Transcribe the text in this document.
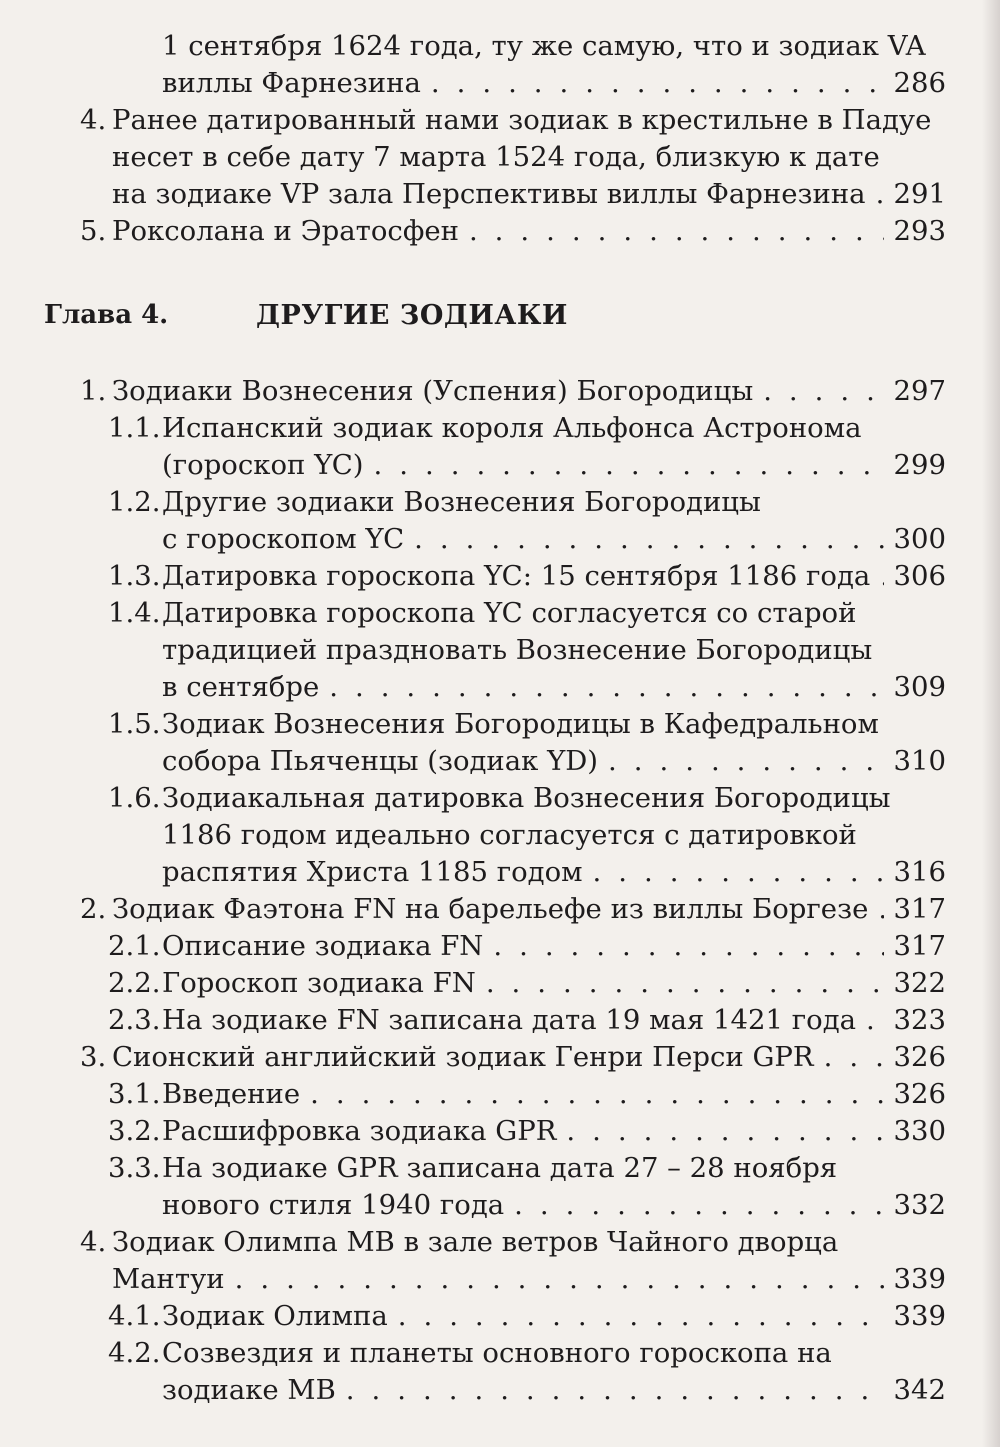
1 сентября 1624 года, ту же самую, что и зодиак VA
виллы Фарнезина . . .	286
4. Ранее датированный нами зодиак в крестильне в Падуе
несет в себе дату 7 марта 1524 года, близкую к дате
на зодиаке VP зала Перспективы виллы Фарнезина . . . 291
5. Роксолана и Эратосфен . . .	293
Глава 4.	ДРУГИЕ ЗОДИАКИ
1. Зодиаки Вознесения (Успения) Богородицы . . .	297
1.1. Испанский зодиак короля Альфонса Астронома
(гороскоп YC) . . .	299
1.2. Другие зодиаки Вознесения Богородицы
с гороскопом YC . . .	300
1.3. Датировка гороскопа YC: 15 сентября 1186 года . . . 306
1.4. Датировка гороскопа YC согласуется со старой
традицией праздновать Вознесение Богородицы
в сентябре . . .	309
1.5. Зодиак Вознесения Богородицы в Кафедральном
собора Пьяченцы (зодиак YD) . . .	310
1.6. Зодиакальная датировка Вознесения Богородицы
1186 годом идеально согласуется с датировкой
распятия Христа 1185 годом . . .	316
2. Зодиак Фаэтона FN на барельефе из виллы Боргезе . . . 317
2.1. Описание зодиака FN . . .	317
2.2. Гороскоп зодиака FN . . .	322
2.3. На зодиаке FN записана дата 19 мая 1421 года . . . 323
3. Сионский английский зодиак Генри Перси GPR . . .	326
3.1. Введение . . .	326
3.2. Расшифровка зодиака GPR . . .	330
3.3. На зодиаке GPR записана дата 27 – 28 ноября
нового стиля 1940 года . . .	332
4. Зодиак Олимпа MB в зале ветров Чайного дворца
Мантуи . . .	339
4.1. Зодиак Олимпа . . .	339
4.2. Созвездия и планеты основного гороскопа на
зодиаке MB . . .	342
